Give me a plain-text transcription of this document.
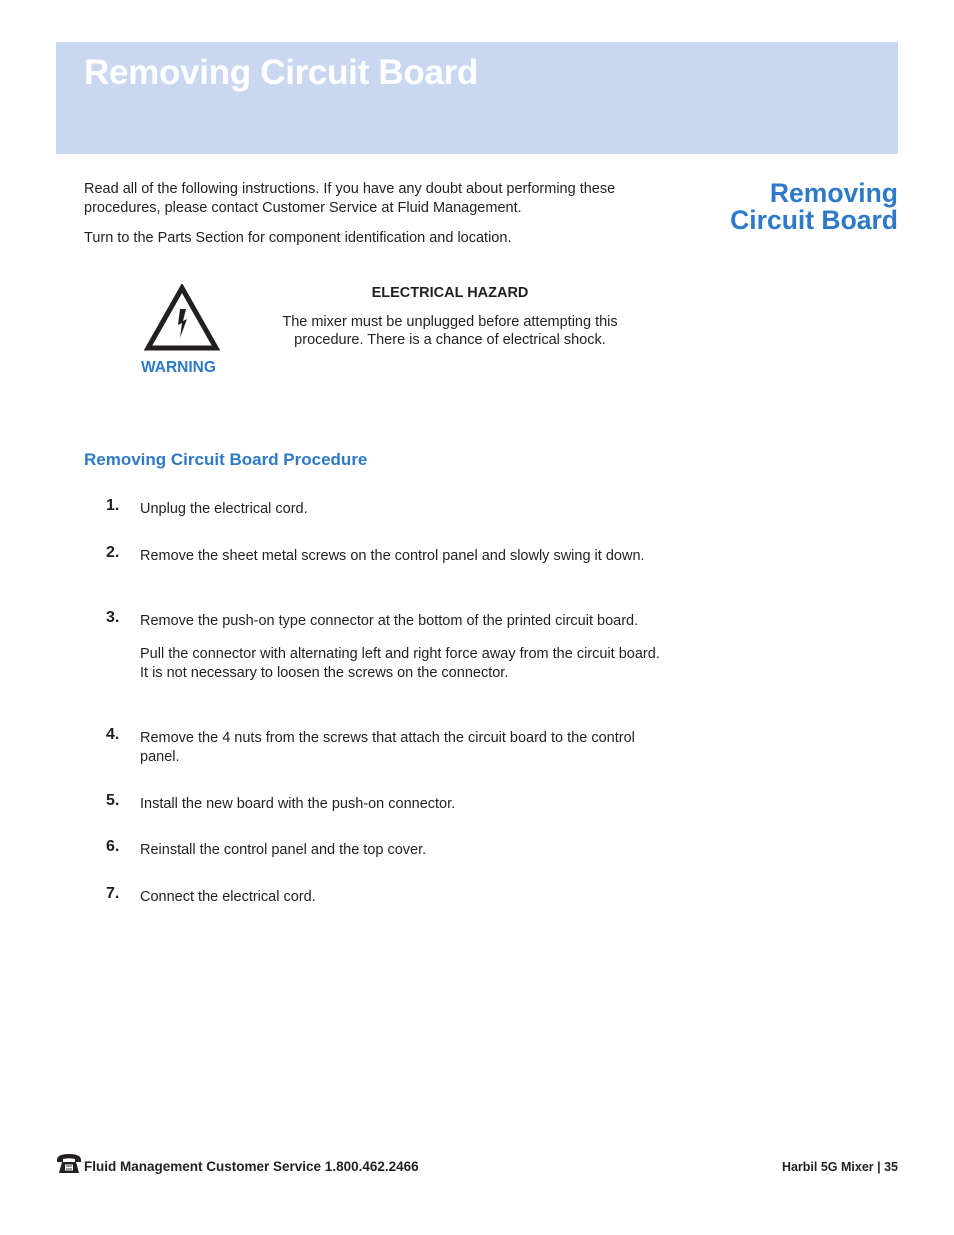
Removing Circuit Board

Read all of the following instructions. If you have any doubt about performing these procedures, please contact Customer Service at Fluid Management.

Turn to the Parts Section for component identification and location.

Removing
Circuit Board
WARNING

ELECTRICAL HAZARD

The mixer must be unplugged before attempting this procedure. There is a chance of electrical shock.

Removing Circuit Board Procedure
1. Unplug the electrical cord.

2. Remove the sheet metal screws on the control panel and slowly swing it down.

3. Remove the push-on type connector at the bottom of the printed circuit board.

Pull the connector with alternating left and right force away from the circuit board. It is not necessary to loosen the screws on the connector.

4. Remove the 4 nuts from the screws that attach the circuit board to the control panel.

5. Install the new board with the push-on connector.

6. Reinstall the control panel and the top cover.

7. Connect the electrical cord.

Fluid Management Customer Service 1.800.462.2466	Harbil 5G Mixer | 35
